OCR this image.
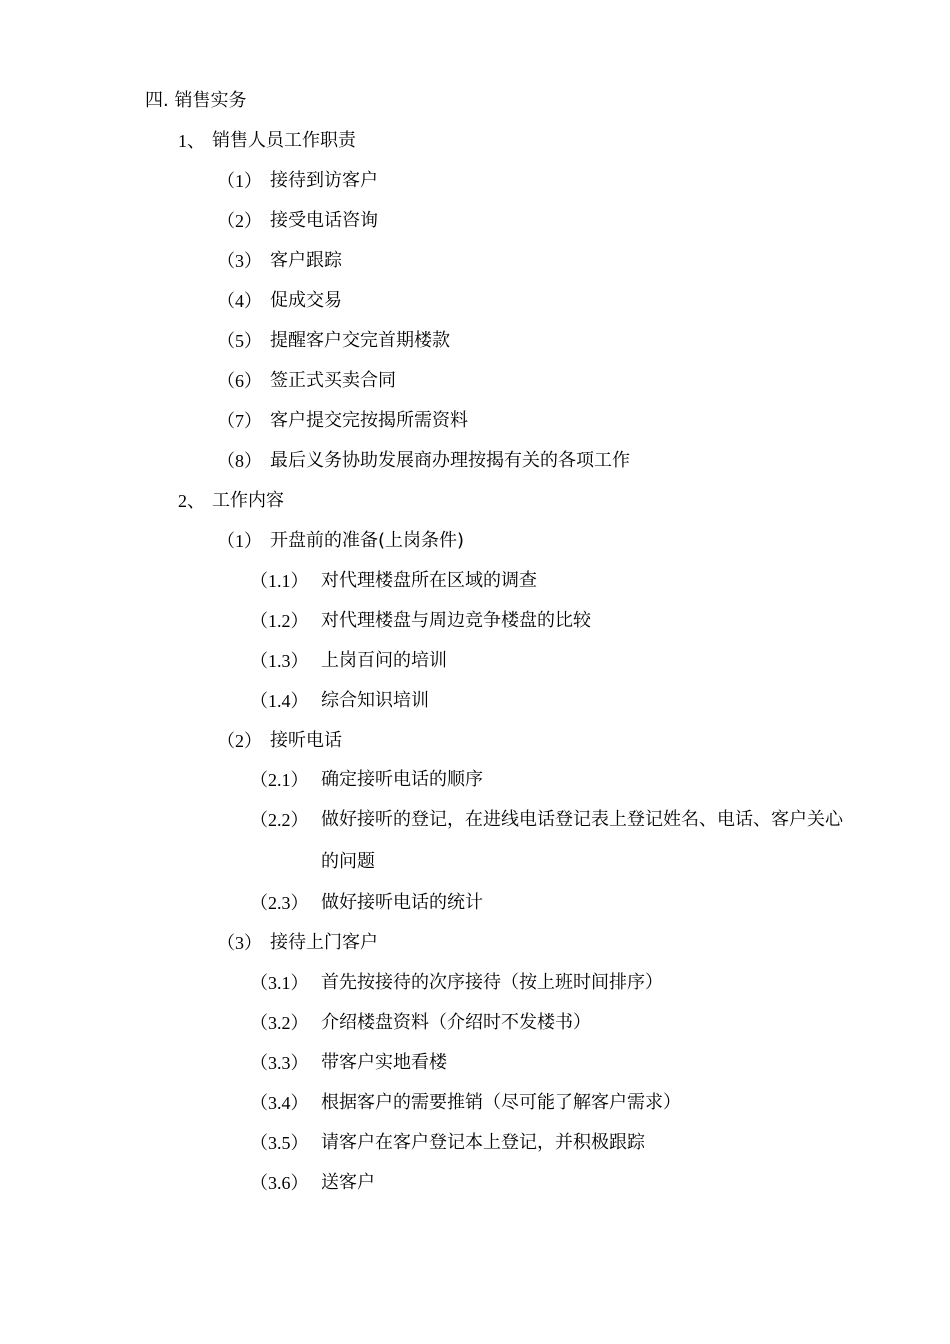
四. 销售实务
1、 销售人员工作职责
（1） 接待到访客户
（2） 接受电话咨询
（3） 客户跟踪
（4） 促成交易
（5） 提醒客户交完首期楼款
（6） 签正式买卖合同
（7） 客户提交完按揭所需资料
（8） 最后义务协助发展商办理按揭有关的各项工作
2、 工作内容
（1） 开盘前的准备(上岗条件)
（1.1） 对代理楼盘所在区域的调查
（1.2） 对代理楼盘与周边竞争楼盘的比较
（1.3） 上岗百问的培训
（1.4） 综合知识培训
（2） 接听电话
（2.1） 确定接听电话的顺序
（2.2） 做好接听的登记，在进线电话登记表上登记姓名、电话、客户关心
的问题
（2.3） 做好接听电话的统计
（3） 接待上门客户
（3.1） 首先按接待的次序接待（按上班时间排序）
（3.2） 介绍楼盘资料（介绍时不发楼书）
（3.3） 带客户实地看楼
（3.4） 根据客户的需要推销（尽可能了解客户需求）
（3.5） 请客户在客户登记本上登记，并积极跟踪
（3.6） 送客户
